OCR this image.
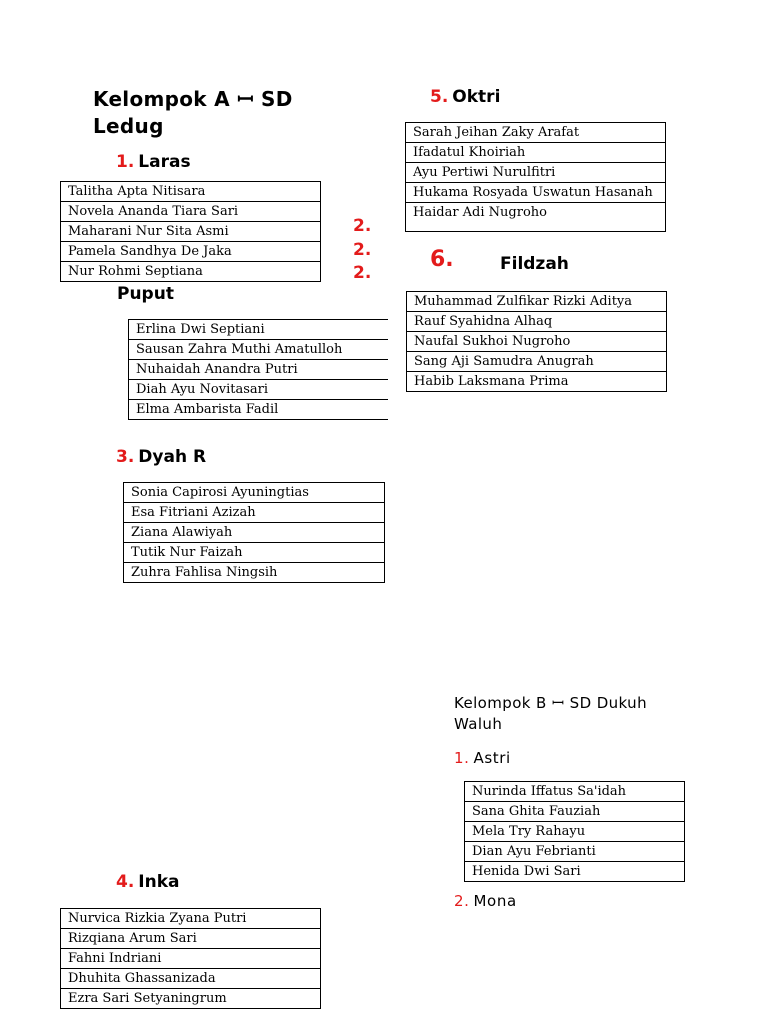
Kelompok A ꟷ SD Ledug
1. Laras
Talitha Apta Nitisara
Novela Ananda Tiara Sari
Maharani Nur Sita Asmi
Pamela Sandhya De Jaka
Nur Rohmi Septiana
2.
2.
2.
Puput
Erlina Dwi Septiani
Sausan Zahra Muthi Amatulloh
Nuhaidah Anandra Putri
Diah Ayu Novitasari
Elma Ambarista Fadil
3. Dyah R
Sonia Capirosi Ayuningtias
Esa Fitriani Azizah
Ziana Alawiyah
Tutik Nur Faizah
Zuhra Fahlisa Ningsih
4. Inka
Nurvica Rizkia Zyana Putri
Rizqiana Arum Sari
Fahni Indriani
Dhuhita Ghassanizada
Ezra Sari Setyaningrum
5. Oktri
Sarah Jeihan Zaky Arafat
Ifadatul Khoiriah
Ayu Pertiwi Nurulfitri
Hukama Rosyada Uswatun Hasanah
Haidar Adi Nugroho
6.	Fildzah
Muhammad Zulfikar Rizki Aditya
Rauf Syahidna Alhaq
Naufal Sukhoi Nugroho
Sang Aji Samudra Anugrah
Habib Laksmana Prima
Kelompok B ꟷ SD Dukuh Waluh
1. Astri
Nurinda Iffatus Sa'idah
Sana Ghita Fauziah
Mela Try Rahayu
Dian Ayu Febrianti
Henida Dwi Sari
2. Mona
